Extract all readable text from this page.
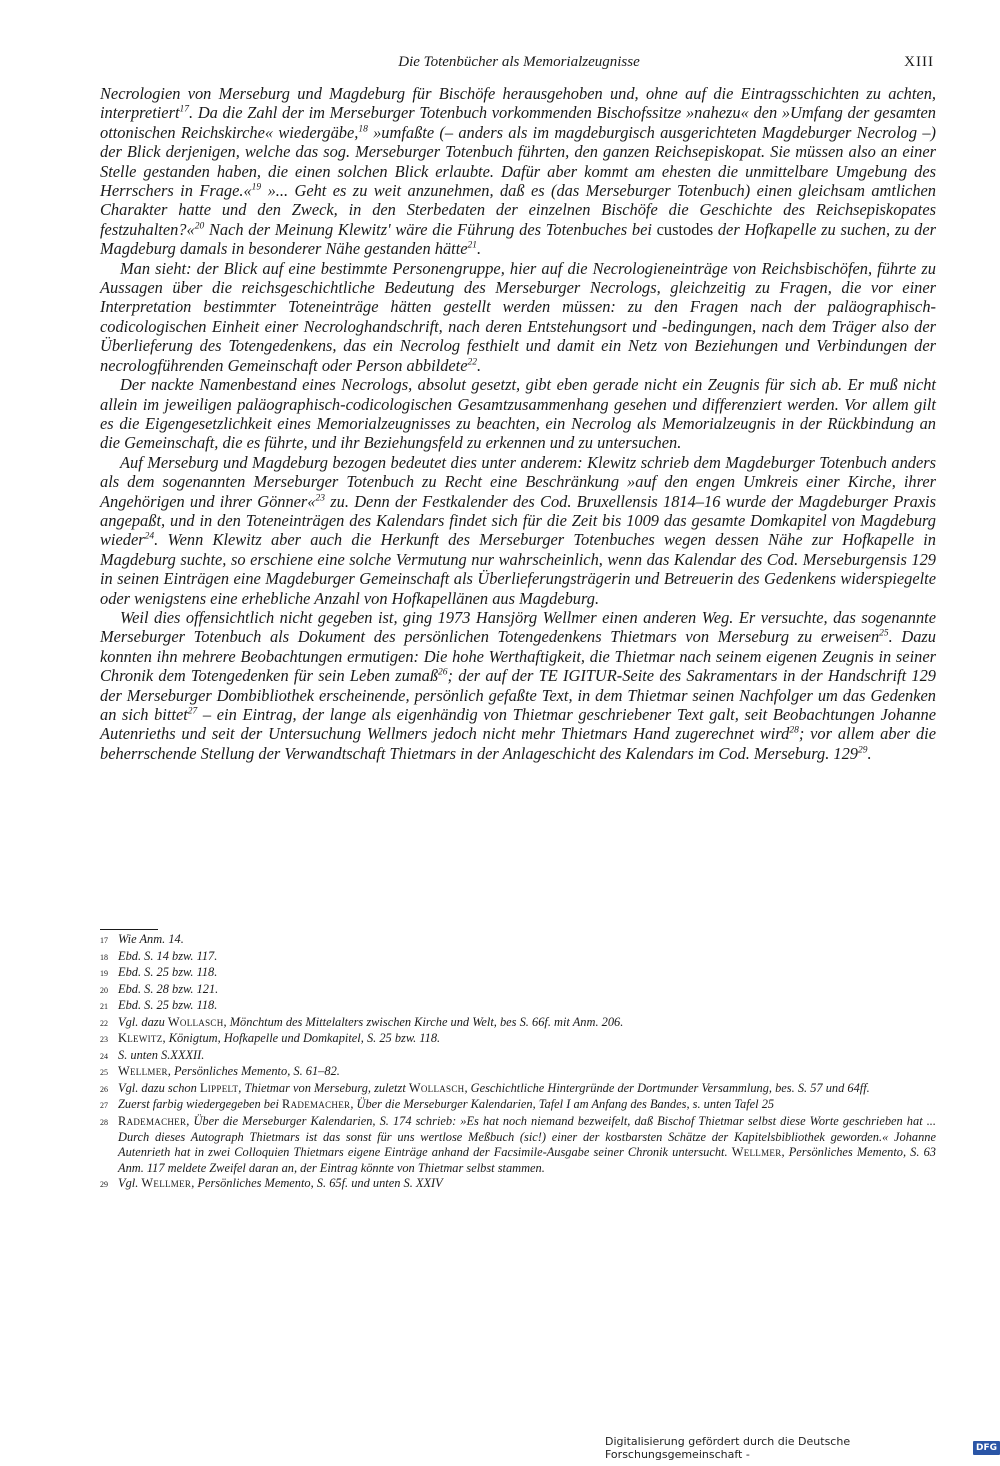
Die Totenbücher als Memorialzeugnisse	XIII

Necrologien von Merseburg und Magdeburg für Bischöfe herausgehoben und, ohne auf die Eintragsschichten zu achten, interpretiert$^{17}$. Da die Zahl der im Merseburger Totenbuch vorkommenden Bischofssitze »nahezu« den »Umfang der gesamten ottonischen Reichskirche« wiedergäbe,$^{18}$ »umfaßte (– anders als im magdeburgisch ausgerichteten Magdeburger Necrolog –) der Blick derjenigen, welche das sog. Merseburger Totenbuch führten, den ganzen Reichsepiskopat. Sie müssen also an einer Stelle gestanden haben, die einen solchen Blick erlaubte. Dafür aber kommt am ehesten die unmittelbare Umgebung des Herrschers in Frage.«$^{19}$ »... Geht es zu weit anzunehmen, daß es (das Merseburger Totenbuch) einen gleichsam amtlichen Charakter hatte und den Zweck, in den Sterbedaten der einzelnen Bischöfe die Geschichte des Reichsepiskopates festzuhalten?«$^{20}$ Nach der Meinung Klewitz' wäre die Führung des Totenbuches bei custodes der Hofkapelle zu suchen, zu der Magdeburg damals in besonderer Nähe gestanden hätte$^{21}$.

Man sieht: der Blick auf eine bestimmte Personengruppe, hier auf die Necrologieneinträge von Reichsbischöfen, führte zu Aussagen über die reichsgeschichtliche Bedeutung des Merseburger Necrologs, gleichzeitig zu Fragen, die vor einer Interpretation bestimmter Toteneinträge hätten gestellt werden müssen: zu den Fragen nach der paläographisch-codicologischen Einheit einer Necrologhandschrift, nach deren Entstehungsort und -bedingungen, nach dem Träger also der Überlieferung des Totengedenkens, das ein Necrolog festhielt und damit ein Netz von Beziehungen und Verbindungen der necrologführenden Gemeinschaft oder Person abbildete$^{22}$.

Der nackte Namenbestand eines Necrologs, absolut gesetzt, gibt eben gerade nicht ein Zeugnis für sich ab. Er muß nicht allein im jeweiligen paläographisch-codicologischen Gesamtzusammenhang gesehen und differenziert werden. Vor allem gilt es die Eigengesetzlichkeit eines Memorialzeugnisses zu beachten, ein Necrolog als Memorialzeugnis in der Rückbindung an die Gemeinschaft, die es führte, und ihr Beziehungsfeld zu erkennen und zu untersuchen.

Auf Merseburg und Magdeburg bezogen bedeutet dies unter anderem: Klewitz schrieb dem Magdeburger Totenbuch anders als dem sogenannten Merseburger Totenbuch zu Recht eine Beschränkung »auf den engen Umkreis einer Kirche, ihrer Angehörigen und ihrer Gönner«$^{23}$ zu. Denn der Festkalender des Cod. Bruxellensis 1814–16 wurde der Magdeburger Praxis angepaßt, und in den Toteneinträgen des Kalendars findet sich für die Zeit bis 1009 das gesamte Domkapitel von Magdeburg wieder$^{24}$. Wenn Klewitz aber auch die Herkunft des Merseburger Totenbuches wegen dessen Nähe zur Hofkapelle in Magdeburg suchte, so erschiene eine solche Vermutung nur wahrscheinlich, wenn das Kalendar des Cod. Merseburgensis 129 in seinen Einträgen eine Magdeburger Gemeinschaft als Überlieferungsträgerin und Betreuerin des Gedenkens widerspiegelte oder wenigstens eine erhebliche Anzahl von Hofkapellänen aus Magdeburg.

Weil dies offensichtlich nicht gegeben ist, ging 1973 Hansjörg Wellmer einen anderen Weg. Er versuchte, das sogenannte Merseburger Totenbuch als Dokument des persönlichen Totengedenkens Thietmars von Merseburg zu erweisen$^{25}$. Dazu konnten ihn mehrere Beobachtungen ermutigen: Die hohe Werthaftigkeit, die Thietmar nach seinem eigenen Zeugnis in seiner Chronik dem Totengedenken für sein Leben zumaß$^{26}$; der auf der TE IGITUR-Seite des Sakramentars in der Handschrift 129 der Merseburger Dombibliothek erscheinende, persönlich gefaßte Text, in dem Thietmar seinen Nachfolger um das Gedenken an sich bittet$^{27}$ – ein Eintrag, der lange als eigenhändig von Thietmar geschriebener Text galt, seit Beobachtungen Johanne Autenrieths und seit der Untersuchung Wellmers jedoch nicht mehr Thietmars Hand zugerechnet wird$^{28}$; vor allem aber die beherrschende Stellung der Verwandtschaft Thietmars in der Anlageschicht des Kalendars im Cod. Merseburg. $129^{29}$.

17 Wie Anm. 14.
18 Ebd. S. 14 bzw. 117.
19 Ebd. S. 25 bzw. 118.
20 Ebd. S. 28 bzw. 121.
21 Ebd. S. 25 bzw. 118.
22 Vgl. dazu Wollasch, Mönchtum des Mittelalters zwischen Kirche und Welt, bes S. 66f. mit Anm. 206.
23 Klewitz, Königtum, Hofkapelle und Domkapitel, S. 25 bzw. 118.
24 S. unten S.XXXII.
25 Wellmer, Persönliches Memento, S. 61–82.
26 Vgl. dazu schon Lippelt, Thietmar von Merseburg, zuletzt Wollasch, Geschichtliche Hintergründe der Dortmunder Versammlung, bes. S. 57 und 64ff.
27 Zuerst farbig wiedergegeben bei Rademacher, Über die Merseburger Kalendarien, Tafel I am Anfang des Bandes, s. unten Tafel 25
28 Rademacher, Über die Merseburger Kalendarien, S. 174 schrieb: »Es hat noch niemand bezweifelt, daß Bischof Thietmar selbst diese Worte geschrieben hat ... Durch dieses Autograph Thietmars ist das sonst für uns wertlose Meßbuch (sic!) einer der kostbarsten Schätze der Kapitelsbibliothek geworden.« Johanne Autenrieth hat in zwei Colloquien Thietmars eigene Einträge anhand der Facsimile-Ausgabe seiner Chronik untersucht. Wellmer, Persönliches Memento, S. 63 Anm. 117 meldete Zweifel daran an, der Eintrag könnte von Thietmar selbst stammen.
29 Vgl. Wellmer, Persönliches Memento, S. 65f. und unten S. XXIV
Digitalisierung gefördert durch die Deutsche Forschungsgemeinschaft -	DFG
